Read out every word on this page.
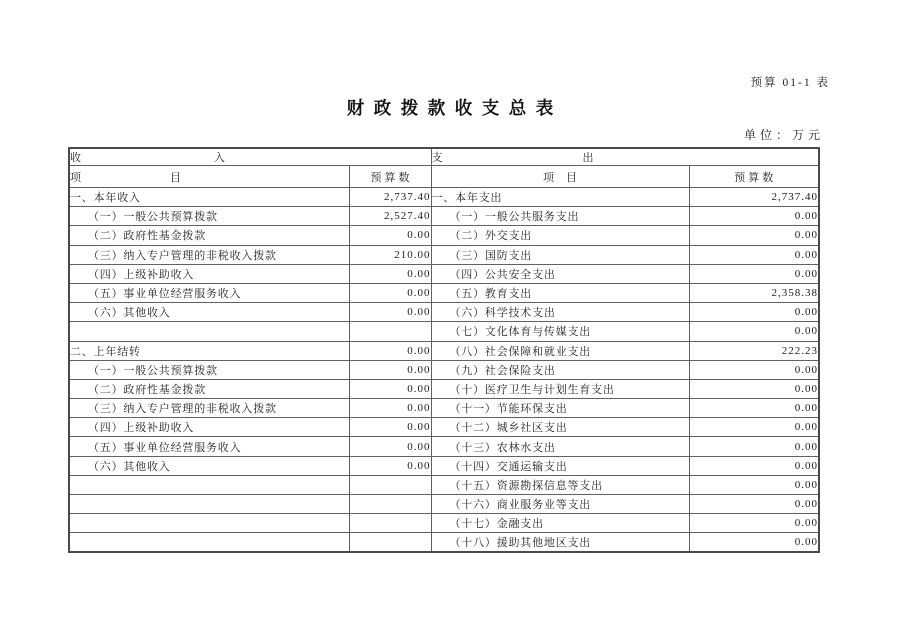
预算 01-1 表
财政拨款收支总表
单位：万元
收入		支出	
项目	预算数	项目	预算数
一、本年收入	2,737.40	一、本年支出	2,737.40
（一）一般公共预算拨款	2,527.40	（一）一般公共服务支出	0.00
（二）政府性基金拨款	0.00	（二）外交支出	0.00
（三）纳入专户管理的非税收入拨款	210.00	（三）国防支出	0.00
（四）上级补助收入	0.00	（四）公共安全支出	0.00
（五）事业单位经营服务收入	0.00	（五）教育支出	2,358.38
（六）其他收入	0.00	（六）科学技术支出	0.00
		（七）文化体育与传媒支出	0.00
二、上年结转	0.00	（八）社会保障和就业支出	222.23
（一）一般公共预算拨款	0.00	（九）社会保险支出	0.00
（二）政府性基金拨款	0.00	（十）医疗卫生与计划生育支出	0.00
（三）纳入专户管理的非税收入拨款	0.00	（十一）节能环保支出	0.00
（四）上级补助收入	0.00	（十二）城乡社区支出	0.00
（五）事业单位经营服务收入	0.00	（十三）农林水支出	0.00
（六）其他收入	0.00	（十四）交通运输支出	0.00
		（十五）资源勘探信息等支出	0.00
		（十六）商业服务业等支出	0.00
		（十七）金融支出	0.00
		（十八）援助其他地区支出	0.00
